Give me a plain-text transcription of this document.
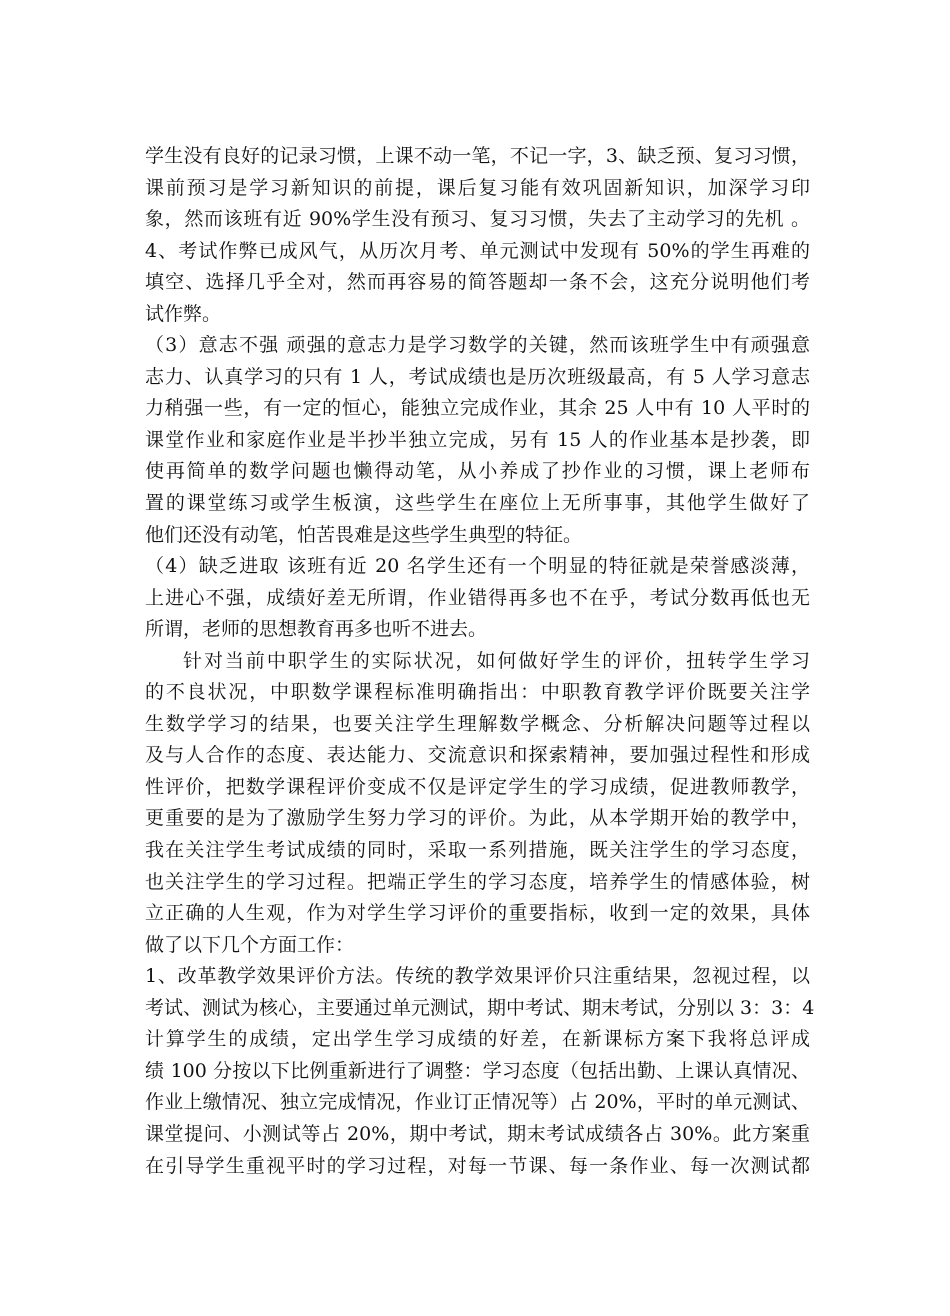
学生没有良好的记录习惯，上课不动一笔，不记一字，3、缺乏预、复习习惯，
课前预习是学习新知识的前提，课后复习能有效巩固新知识，加深学习印
象，然而该班有近 90%学生没有预习、复习习惯，失去了主动学习的先机 。
4、考试作弊已成风气，从历次月考、单元测试中发现有 50%的学生再难的
填空、选择几乎全对，然而再容易的简答题却一条不会，这充分说明他们考
试作弊。
（3）意志不强 顽强的意志力是学习数学的关键，然而该班学生中有顽强意
志力、认真学习的只有 1 人，考试成绩也是历次班级最高，有 5 人学习意志
力稍强一些，有一定的恒心，能独立完成作业，其余 25 人中有 10 人平时的
课堂作业和家庭作业是半抄半独立完成，另有 15 人的作业基本是抄袭，即
使再简单的数学问题也懒得动笔，从小养成了抄作业的习惯，课上老师布
置的课堂练习或学生板演，这些学生在座位上无所事事，其他学生做好了
他们还没有动笔，怕苦畏难是这些学生典型的特征。
（4）缺乏进取 该班有近 20 名学生还有一个明显的特征就是荣誉感淡薄，
上进心不强，成绩好差无所谓，作业错得再多也不在乎，考试分数再低也无
所谓，老师的思想教育再多也听不进去。
针对当前中职学生的实际状况，如何做好学生的评价，扭转学生学习
的不良状况，中职数学课程标准明确指出：中职教育教学评价既要关注学
生数学学习的结果，也要关注学生理解数学概念、分析解决问题等过程以
及与人合作的态度、表达能力、交流意识和探索精神，要加强过程性和形成
性评价，把数学课程评价变成不仅是评定学生的学习成绩，促进教师教学，
更重要的是为了激励学生努力学习的评价。为此，从本学期开始的教学中，
我在关注学生考试成绩的同时，采取一系列措施，既关注学生的学习态度，
也关注学生的学习过程。把端正学生的学习态度，培养学生的情感体验，树
立正确的人生观，作为对学生学习评价的重要指标，收到一定的效果，具体
做了以下几个方面工作：
1、改革教学效果评价方法。传统的教学效果评价只注重结果，忽视过程，以
考试、测试为核心，主要通过单元测试，期中考试、期末考试，分别以 3：3：4
计算学生的成绩，定出学生学习成绩的好差，在新课标方案下我将总评成
绩 100 分按以下比例重新进行了调整：学习态度（包括出勤、上课认真情况、
作业上缴情况、独立完成情况，作业订正情况等）占 20%，平时的单元测试、
课堂提问、小测试等占 20%，期中考试，期末考试成绩各占 30%。此方案重
在引导学生重视平时的学习过程，对每一节课、每一条作业、每一次测试都
